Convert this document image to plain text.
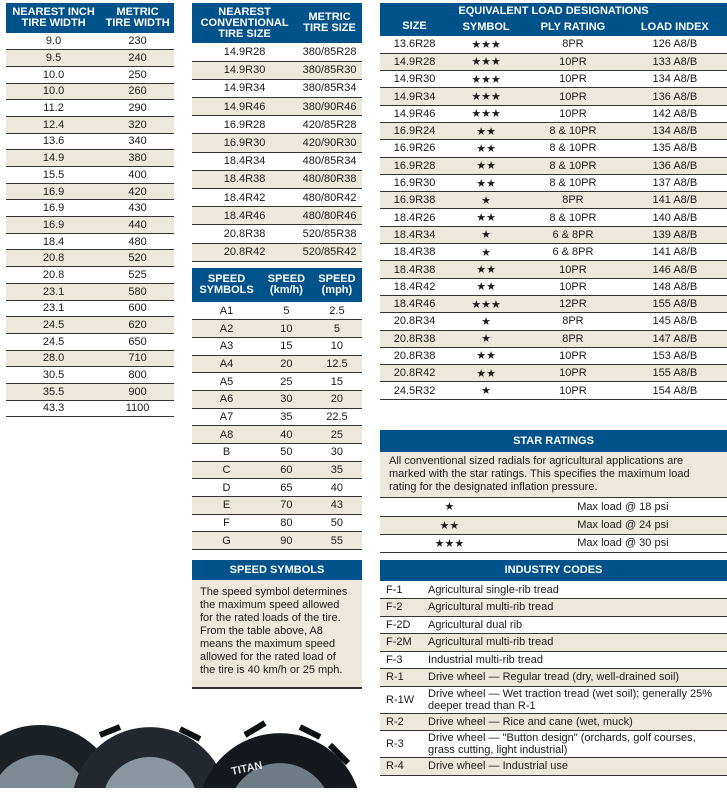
NEAREST INCH TIRE WIDTH	METRIC TIRE WIDTH
9.0	230
9.5	240
10.0	250
10.0	260
11.2	290
12.4	320
13.6	340
14.9	380
15.5	400
16.9	420
16.9	430
16.9	440
18.4	480
20.8	520
20.8	525
23.1	580
23.1	600
24.5	620
24.5	650
28.0	710
30.5	800
35.5	900
43.3	1100
NEAREST CONVENTIONAL TIRE SIZE	METRIC TIRE SIZE
14.9R28	380/85R28
14.9R30	380/85R30
14.9R34	380/85R34
14.9R46	380/90R46
16.9R28	420/85R28
16.9R30	420/90R30
18.4R34	480/85R34
18.4R38	480/80R38
18.4R42	480/80R42
18.4R46	480/80R46
20.8R38	520/85R38
20.8R42	520/85R42
SPEED SYMBOLS	SPEED (km/h)	SPEED (mph)
A1	5	2.5
A2	10	5
A3	15	10
A4	20	12.5
A5	25	15
A6	30	20
A7	35	22.5
A8	40	25
B	50	30
C	60	35
D	65	40
E	70	43
F	80	50
G	90	55
SPEED SYMBOLS
The speed symbol determines the maximum speed allowed for the rated loads of the tire. From the table above, A8 means the maximum speed allowed for the rated load of the tire is 40 km/h or 25 mph.
EQUIVALENT LOAD DESIGNATIONS			
SIZE	SYMBOL	PLY RATING	LOAD INDEX
13.6R28	★★★	8PR	126 A8/B
14.9R28	★★★	10PR	133 A8/B
14.9R30	★★★	10PR	134 A8/B
14.9R34	★★★	10PR	136 A8/B
14.9R46	★★★	10PR	142 A8/B
16.9R24	★★	8 & 10PR	134 A8/B
16.9R26	★★	8 & 10PR	135 A8/B
16.9R28	★★	8 & 10PR	136 A8/B
16.9R30	★★	8 & 10PR	137 A8/B
16.9R38	★	8PR	141 A8/B
18.4R26	★★	8 & 10PR	140 A8/B
18.4R34	★	6 & 8PR	139 A8/B
18.4R38	★	6 & 8PR	141 A8/B
18.4R38	★★	10PR	146 A8/B
18.4R42	★★	10PR	148 A8/B
18.4R46	★★★	12PR	155 A8/B
20.8R34	★	8PR	145 A8/B
20.8R38	★	8PR	147 A8/B
20.8R38	★★	10PR	153 A8/B
20.8R42	★★	10PR	155 A8/B
24.5R32	★	10PR	154 A8/B
STAR RATINGS
All conventional sized radials for agricultural applications are marked with the star ratings. This specifies the maximum load rating for the designated inflation pressure.
★	Max load @ 18 psi
★★	Max load @ 24 psi
★★★	Max load @ 30 psi
INDUSTRY CODES
F-1	Agricultural single-rib tread
F-2	Agricultural multi-rib tread
F-2D	Agricultural dual rib
F-2M	Agricultural multi-rib tread
F-3	Industrial multi-rib tread
R-1	Drive wheel — Regular tread (dry, well-drained soil)
R-1W	Drive wheel — Wet traction tread (wet soil); generally 25% deeper tread than R-1
R-2	Drive wheel — Rice and cane (wet, muck)
R-3	Drive wheel — "Button design" (orchards, golf courses, grass cutting, light industrial)
R-4	Drive wheel — Industrial use
TITAN
